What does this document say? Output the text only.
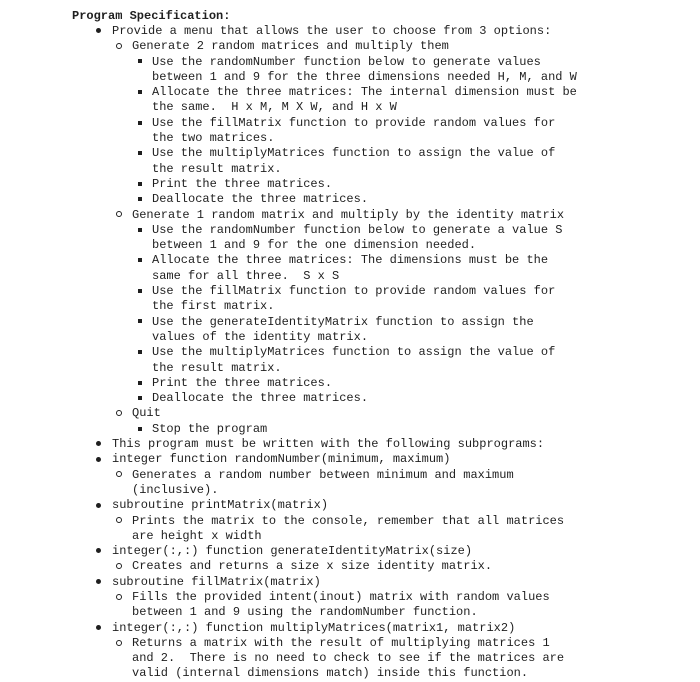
Program Specification:
Provide a menu that allows the user to choose from 3 options:
Generate 2 random matrices and multiply them
Use the randomNumber function below to generate values
between 1 and 9 for the three dimensions needed H, M, and W
Allocate the three matrices: The internal dimension must be
the same.  H x M, M X W, and H x W
Use the fillMatrix function to provide random values for
the two matrices.
Use the multiplyMatrices function to assign the value of
the result matrix.
Print the three matrices.
Deallocate the three matrices.
Generate 1 random matrix and multiply by the identity matrix
Use the randomNumber function below to generate a value S
between 1 and 9 for the one dimension needed.
Allocate the three matrices: The dimensions must be the
same for all three.  S x S
Use the fillMatrix function to provide random values for
the first matrix.
Use the generateIdentityMatrix function to assign the
values of the identity matrix.
Use the multiplyMatrices function to assign the value of
the result matrix.
Print the three matrices.
Deallocate the three matrices.
Quit
Stop the program
This program must be written with the following subprograms:
integer function randomNumber(minimum, maximum)
Generates a random number between minimum and maximum
(inclusive).
subroutine printMatrix(matrix)
Prints the matrix to the console, remember that all matrices
are height x width
integer(:,:) function generateIdentityMatrix(size)
Creates and returns a size x size identity matrix.
subroutine fillMatrix(matrix)
Fills the provided intent(inout) matrix with random values
between 1 and 9 using the randomNumber function.
integer(:,:) function multiplyMatrices(matrix1, matrix2)
Returns a matrix with the result of multiplying matrices 1
and 2.  There is no need to check to see if the matrices are
valid (internal dimensions match) inside this function.
